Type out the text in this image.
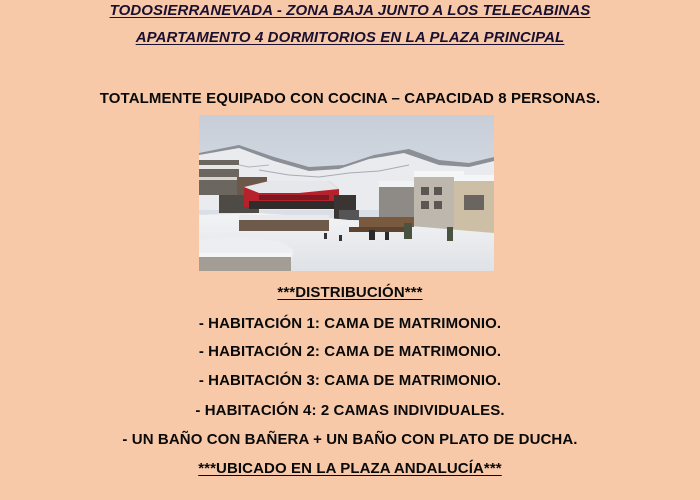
TODOSIERRANEVADA - ZONA BAJA JUNTO A LOS TELECABINAS
APARTAMENTO 4 DORMITORIOS EN LA PLAZA PRINCIPAL
TOTALMENTE EQUIPADO CON COCINA – CAPACIDAD 8 PERSONAS.
***DISTRIBUCIÓN***
- HABITACIÓN 1: CAMA DE MATRIMONIO.
- HABITACIÓN 2: CAMA DE MATRIMONIO.
- HABITACIÓN 3: CAMA DE MATRIMONIO.
- HABITACIÓN 4: 2 CAMAS INDIVIDUALES.
- UN BAÑO CON BAÑERA + UN BAÑO CON PLATO DE DUCHA.
***UBICADO EN LA PLAZA ANDALUCÍA***
